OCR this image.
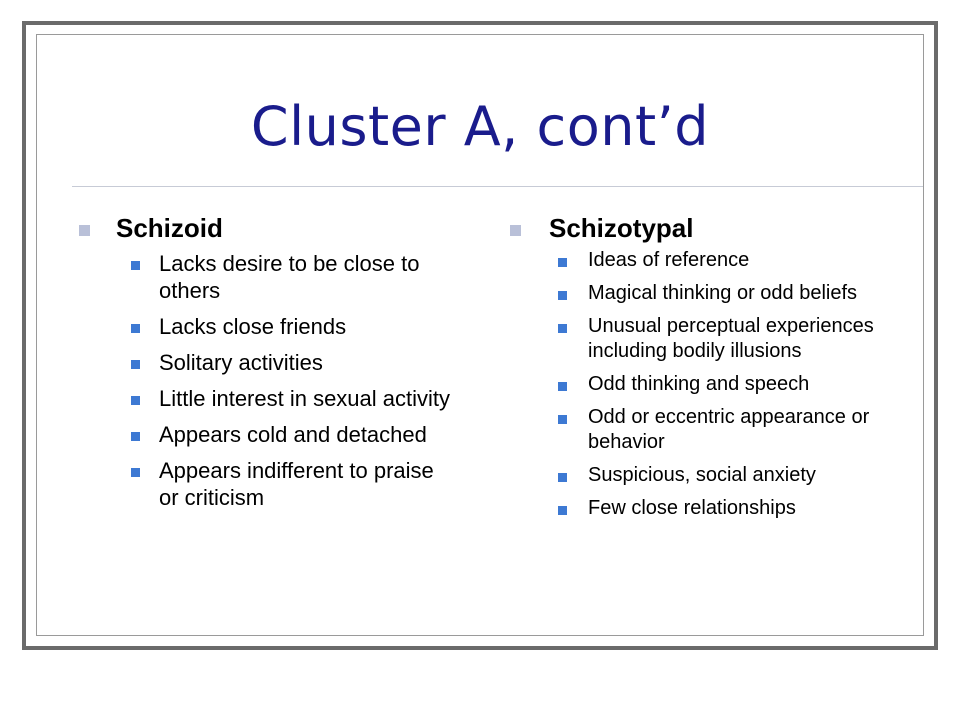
Cluster A, cont’d
Schizoid
Lacks desire to be close to others
Lacks close friends
Solitary activities
Little interest in sexual activity
Appears cold and detached
Appears indifferent to praise or criticism
Schizotypal
Ideas of reference
Magical thinking or odd beliefs
Unusual perceptual experiences including bodily illusions
Odd thinking and speech
Odd or eccentric appearance or behavior
Suspicious, social anxiety
Few close relationships
